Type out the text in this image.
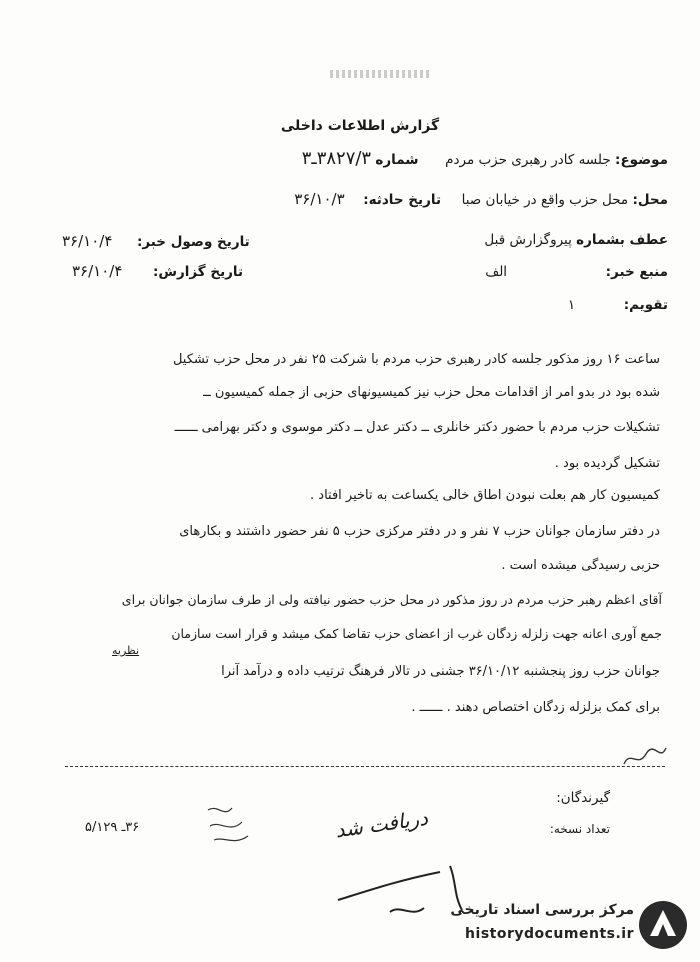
گزارش اطلاعات داخلی
موضوع: جلسه کادر رهبری حزب مردم  شماره ۳۸۲۷/۳ـ۳
محل: محل حزب واقع در خیابان صبا  تاریخ حادثه:  ۳۶/۱۰/۳
عطف بشماره پیروگزارش قبل
تاریخ وصول خبر:  ۳۶/۱۰/۴
منبع خبر:  الف
تاریخ گزارش:  ۳۶/۱۰/۴
تقویم:  ۱
ساعت ۱۶ روز مذکور جلسه کادر رهبری حزب مردم با شرکت ۲۵ نفر در محل حزب تشکیل
شده بود در بدو امر از اقدامات محل حزب نیز کمیسیونهای حزبی از جمله کمیسیون ــ
تشکیلات حزب مردم با حضور دکتر خانلری ــ دکتر عدل ــ دکتر موسوی و دکتر بهرامی ــــــ
تشکیل گردیده بود .
کمیسیون کار هم بعلت نبودن اطاق خالی یکساعت به تاخیر افتاد .
در دفتر سازمان جوانان حزب ۷ نفر و در دفتر مرکزی حزب ۵ نفر حضور داشتند و بکارهای
حزبی رسیدگی میشده است .
آقای اعظم رهبر حزب مردم در روز مذکور در محل حزب حضور نیافته ولی از طرف سازمان جوانان برای
جمع آوری اعانه جهت زلزله زدگان غرب از اعضای حزب تقاضا کمک میشد و قرار است سازمان
نظریه
جوانان حزب روز پنجشنبه ۳۶/۱۰/۱۲ جشنی در تالار فرهنگ ترتیب داده و درآمد آنرا
برای کمک بزلزله زدگان اختصاص دهند . ــــــ .
گیرندگان:
تعداد نسخه:
۳۶ـ ۵/۱۲۹	دریافت شد
مرکز بررسی اسناد تاریخی
historydocuments.ir
